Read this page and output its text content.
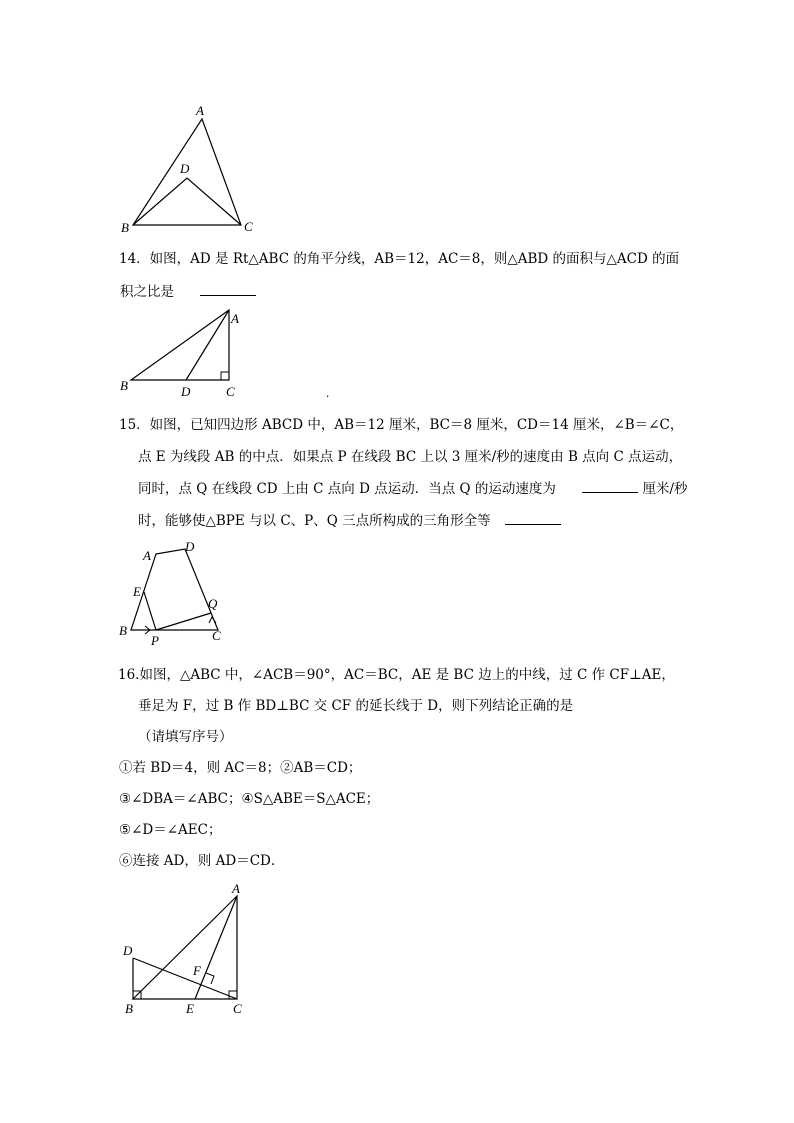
A
B	C
D
14．如图，AD 是 Rt△ABC 的角平分线，AB＝12，AC＝8，则△ABD 的面积与△ACD 的面
积之比是
A
B	C
D	.
15．如图，已知四边形 ABCD 中，AB＝12 厘米，BC＝8 厘米，CD＝14 厘米，∠B＝∠C，
点 E 为线段 AB 的中点．如果点 P 在线段 BC 上以 3 厘米/秒的速度由 B 点向 C 点运动，
同时，点 Q 在线段 CD 上由 C 点向 D 点运动．当点 Q 的运动速度为	厘米/秒
时，能够使△BPE 与以 C、P、Q 三点所构成的三角形全等
A
D
E
Q
B
P	C
16.如图，△ABC 中，∠ACB＝90°，AC＝BC，AE 是 BC 边上的中线，过 C 作 CF⊥AE，
垂足为 F，过 B 作 BD⊥BC 交 CF 的延长线于 D，则下列结论正确的是
（请填写序号）
①若 BD＝4，则 AC＝8；②AB＝CD；
③∠DBA＝∠ABC；④S△ABE＝S△ACE；
⑤∠D＝∠AEC；
⑥连接 AD，则 AD＝CD．
A
D
F
B	E	C
